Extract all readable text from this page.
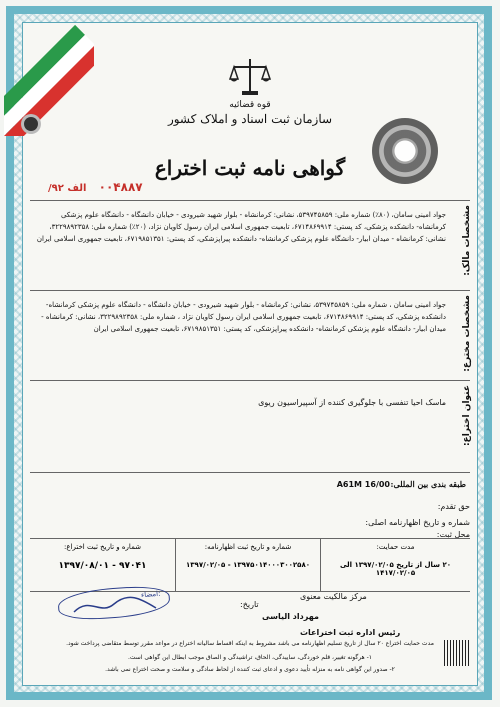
قوه قضائیه
سازمان ثبت اسناد و املاک کشور
گواهی نامه ثبت اختراع
۰۰۴۸۸۷ الف ۹۲/
مشخصات مالک:
جواد امینی سامان، (۸۰٪) شماره ملی: ۵۳۹۷۴۵۸۵۹، نشانی: کرمانشاه - بلوار شهید شیرودی - خیابان دانشگاه - دانشگاه علوم پزشکی کرمانشاه- دانشکده پزشکی، کد پستی: ۶۷۱۴۸۶۹۹۱۴، تابعیت جمهوری اسلامی ایران رسول کاویان نژاد، (۲۰٪) شماره ملی: ۳۲۲۹۸۹۲۳۵۸، نشانی: کرمانشاه - میدان ابیار- دانشگاه علوم پزشکی کرمانشاه- دانشکده پیراپزشکی، کد پستی: ۶۷۱۹۸۵۱۳۵۱، تابعیت جمهوری اسلامی ایران
مشخصات مخترع:
جواد امینی سامان ، شماره ملی: ۵۳۹۷۴۵۸۵۹، نشانی: کرمانشاه - بلوار شهید شیرودی - خیابان دانشگاه - دانشگاه علوم پزشکی کرمانشاه- دانشکده پزشکی، کد پستی: ۶۷۱۴۸۶۹۹۱۴، تابعیت جمهوری اسلامی ایران رسول کاویان نژاد ، شماره ملی: ۳۲۲۹۸۹۲۳۵۸، نشانی: کرمانشاه - میدان ابیار- دانشگاه علوم پزشکی کرمانشاه- دانشکده پیراپزشکی، کد پستی: ۶۷۱۹۸۵۱۳۵۱، تابعیت جمهوری اسلامی ایران
عنوان اختراع:
ماسک احیا تنفسی با جلوگیری کننده از آسپیراسیون ریوی
طبقه بندی بین المللی:
A61M 16/00
حق تقدم:
شماره و تاریخ اظهارنامه اصلی:
محل ثبت:
مدت حمایت:
۲۰ سال از تاریخ ۱۳۹۷/۰۲/۰۵ الی ۱۴۱۷/۰۲/۰۵
شماره و تاریخ ثبت اظهارنامه:
۱۳۹۷۵۰۱۴۰۰۰۳۰۰۲۵۸۰ - ۱۳۹۷/۰۲/۰۵
شماره و تاریخ ثبت اختراع:
۹۷۰۴۱ - ۱۳۹۷/۰۸/۰۱
مرکز مالکیت معنوی
تاریخ:
مهرداد الیاسی
رئیس اداره ثبت اختراعات
امضاء:
مدت حمایت اختراع ۲۰ سال از تاریخ تسلیم اظهارنامه می باشد مشروط به اینکه اقساط سالیانه اختراع در مواعد مقرر توسط متقاضی پرداخت شود.
۱- هرگونه تغییر، قلم خوردگی، ساییدگی، الحاق، تراشیدگی و الصاق موجب ابطال این گواهی است.
۲- صدور این گواهی نامه به منزله تأیید دعوی و ادعای ثبت کننده از لحاظ سادگی و سلامت و صحت اختراع نمی باشد.
